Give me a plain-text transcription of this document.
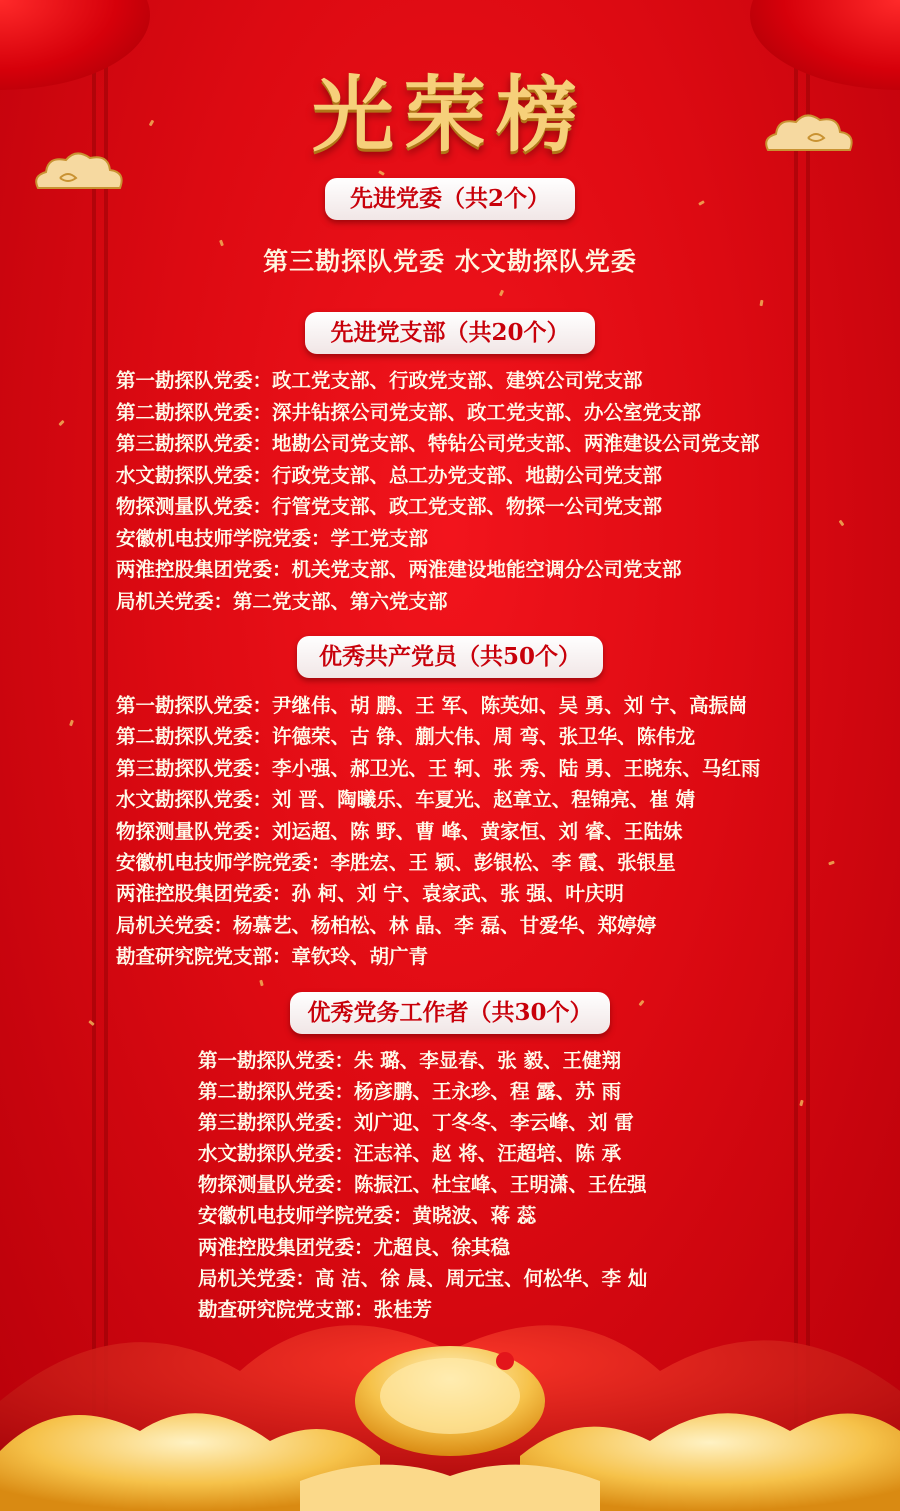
光荣榜
先进党委（共2个）
第三勘探队党委 水文勘探队党委
先进党支部（共20个）
第一勘探队党委：政工党支部、行政党支部、建筑公司党支部
第二勘探队党委：深井钻探公司党支部、政工党支部、办公室党支部
第三勘探队党委：地勘公司党支部、特钻公司党支部、两淮建设公司党支部
水文勘探队党委：行政党支部、总工办党支部、地勘公司党支部
物探测量队党委：行管党支部、政工党支部、物探一公司党支部
安徽机电技师学院党委：学工党支部
两淮控股集团党委：机关党支部、两淮建设地能空调分公司党支部
局机关党委：第二党支部、第六党支部
优秀共产党员（共50个）
第一勘探队党委：尹继伟、胡 鹏、王 军、陈英如、吴 勇、刘 宁、高振崗
第二勘探队党委：许德荣、古 铮、蒯大伟、周 弯、张卫华、陈伟龙
第三勘探队党委：李小强、郝卫光、王 轲、张 秀、陆 勇、王晓东、马红雨
水文勘探队党委：刘 晋、陶曦乐、车夏光、赵章立、程锦亮、崔 婧
物探测量队党委：刘运超、陈 野、曹 峰、黄家恒、刘 睿、王陆妹
安徽机电技师学院党委：李胜宏、王 颖、彭银松、李 霞、张银星
两淮控股集团党委：孙 柯、刘 宁、袁家武、张 强、叶庆明
局机关党委：杨慕艺、杨柏松、林 晶、李 磊、甘爱华、郑婷婷
勘查研究院党支部：章钦玲、胡广青
优秀党务工作者（共30个）
第一勘探队党委：朱 璐、李显春、张 毅、王健翔
第二勘探队党委：杨彦鹏、王永珍、程 露、苏 雨
第三勘探队党委：刘广迎、丁冬冬、李云峰、刘 雷
水文勘探队党委：汪志祥、赵 将、汪超培、陈 承
物探测量队党委：陈振江、杜宝峰、王明潇、王佐强
安徽机电技师学院党委：黄晓波、蒋 蕊
两淮控股集团党委：尤超良、徐其稳
局机关党委：高 洁、徐 晨、周元宝、何松华、李 灿
勘查研究院党支部：张桂芳
